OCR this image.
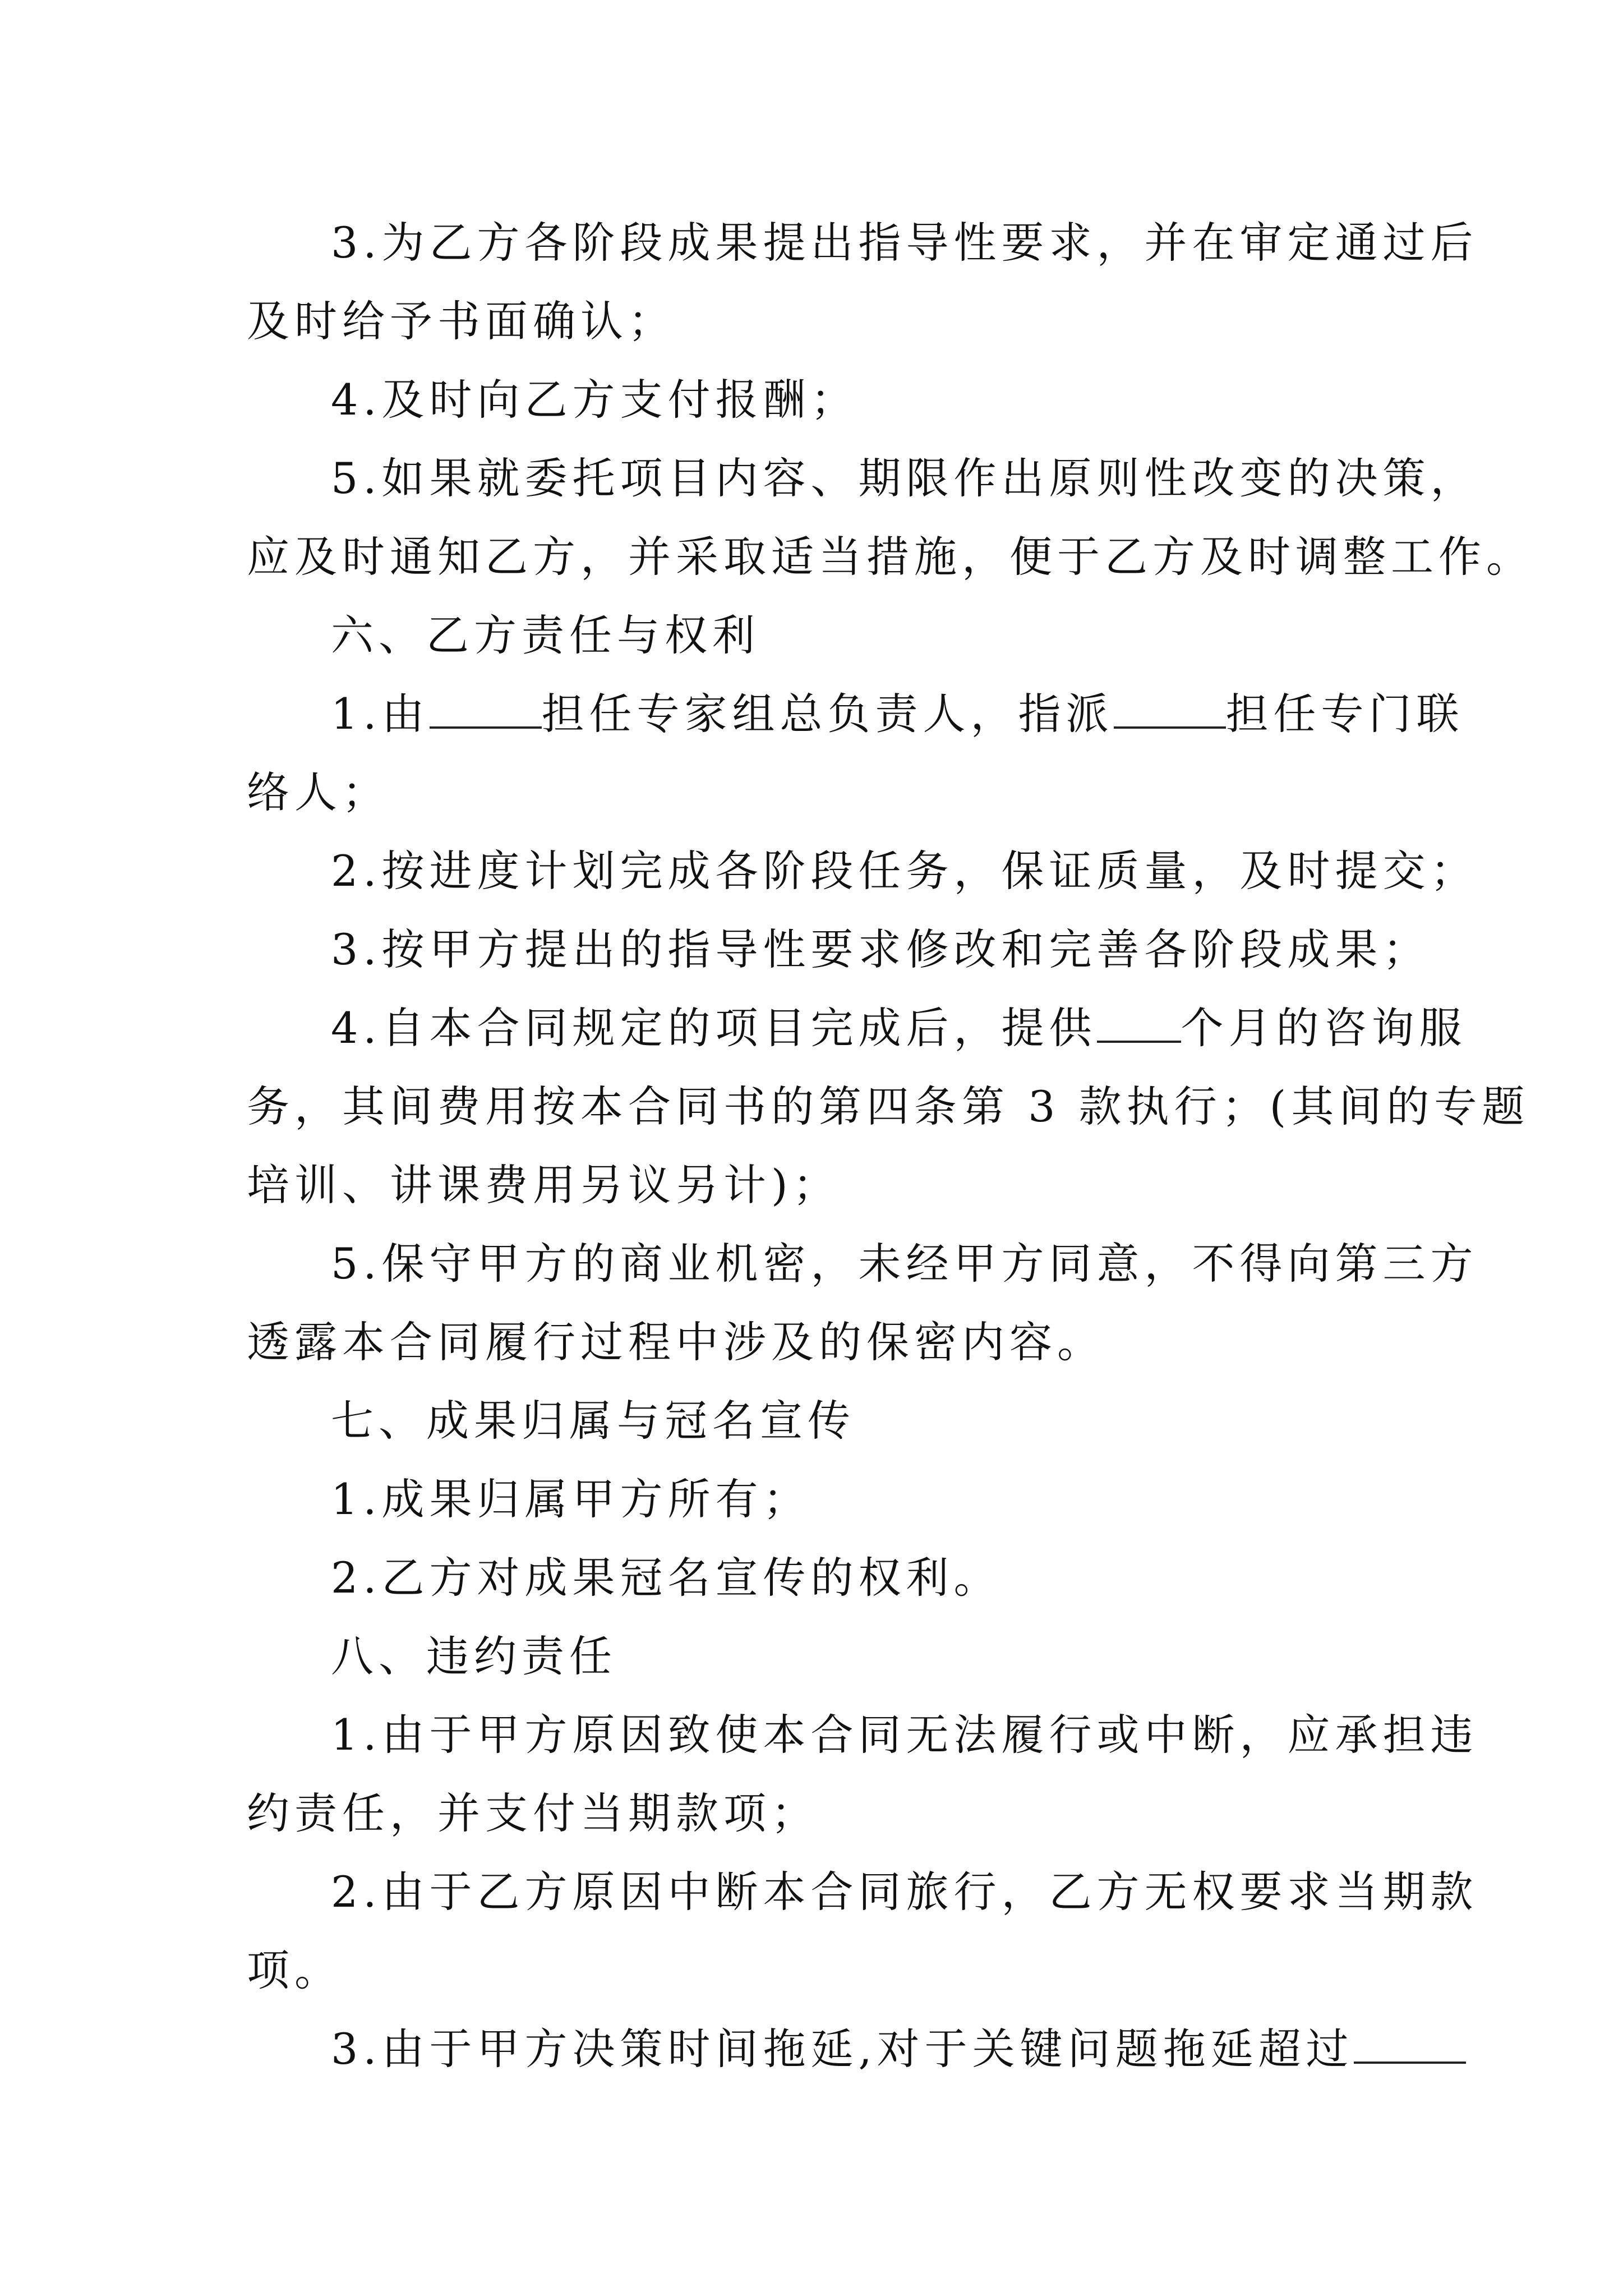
3.为乙方各阶段成果提出指导性要求，并在审定通过后
及时给予书面确认；
4.及时向乙方支付报酬；
5.如果就委托项目内容、期限作出原则性改变的决策，
应及时通知乙方，并采取适当措施，便于乙方及时调整工作。
六、乙方责任与权利
1.由	担任专家组总负责人，指派	担任专门联
络人；
2.按进度计划完成各阶段任务，保证质量，及时提交；
3.按甲方提出的指导性要求修改和完善各阶段成果；
4.自本合同规定的项目完成后，提供 个月的咨询服
务，其间费用按本合同书的第四条第 3 款执行；(其间的专题
培训、讲课费用另议另计)；
5.保守甲方的商业机密，未经甲方同意，不得向第三方
透露本合同履行过程中涉及的保密内容。
七、成果归属与冠名宣传
1.成果归属甲方所有；
2.乙方对成果冠名宣传的权利。
八、违约责任
1.由于甲方原因致使本合同无法履行或中断，应承担违
约责任，并支付当期款项；
2.由于乙方原因中断本合同旅行，乙方无权要求当期款
项。
3.由于甲方决策时间拖延,对于关键问题拖延超过
